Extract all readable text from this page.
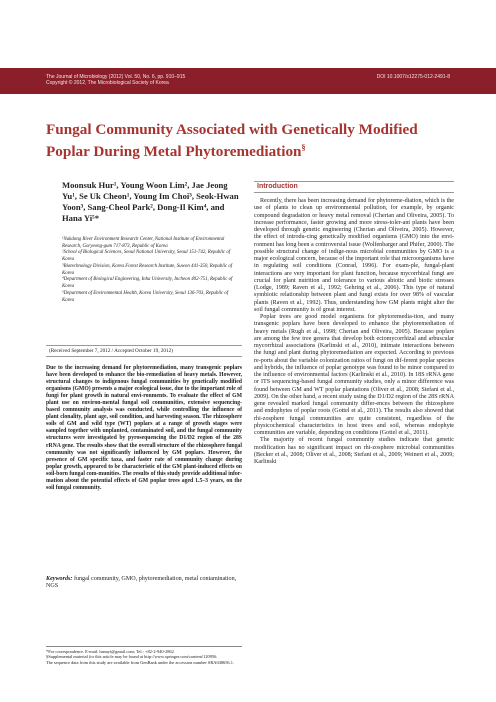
The Journal of Microbiology (2012) Vol. 50, No. 6, pp. 910–915
Copyright © 2012, The Microbiological Society of Korea
DOI 10.1007/s12275-012-2491-8
Fungal Community Associated with Genetically Modified Poplar During Metal Phytoremediation§
Moonsuk Hur¹, Young Woon Lim², Jae Jeong Yu¹, Se Uk Cheon¹, Young Im Choi³, Seok-Hwan Yoon³, Sang-Cheol Park², Dong-Il Kim⁴, and Hana Yi⁵*

¹Nakdong River Environment Research Center, National Institute of Environmental Research, Goryeong-gum 717-873, Republic of Korea

²School of Biological Sciences, Seoul National University, Seoul 151-742, Republic of Korea

³Biotechnology Division, Korea Forest Research Institute, Suwon 441-350, Republic of Korea

⁴Department of Biological Engineering, Inha University, Incheon 402-751, Republic of Korea

⁵Department of Environmental Health, Korea University, Seoul 136-703, Republic of Korea

(Received September 7, 2012 / Accepted October 19, 2012)
Due to the increasing demand for phytoremediation, many transgenic poplars have been developed to enhance the bio-remediation of heavy metals. However, structural changes to indigenous fungal communities by genetically modified organisms (GMO) presents a major ecological issue, due to the important role of fungi for plant growth in natural envi-ronments. To evaluate the effect of GM plant use on environ-mental fungal soil communities, extensive sequencing-based community analysis was conducted, while controlling the influence of plant clonality, plant age, soil condition, and harvesting season. The rhizosphere soils of GM and wild type (WT) poplars at a range of growth stages were sampled together with unplanted, contaminated soil, and the fungal community structures were investigated by pyrosequencing the D1/D2 region of the 28S rRNA gene. The results show that the overall structure of the rhizosphere fungal community was not significantly influenced by GM poplars. However, the presence of GM specific taxa, and faster rate of community change during poplar growth, appeared to be characteristic of the GM plant-induced effects on soil-born fungal com-munities. The results of this study provide additional infor-mation about the potential effects of GM poplar trees aged 1.5–3 years, on the soil fungal community.
Keywords: fungal community, GMO, phytoremediation, metal contamination, NGS

*For correspondence. E-mail: hanayi@gmail.com; Tel.: +82-2-940-2862

§Supplemental material for this article may be found at http://www.springer.com/content/120956.

The sequence data from this study are available from GenBank under the accession number SRA048656.1.

Introduction

Recently, there has been increasing demand for phytoreme-diation, which is the use of plants to clean up environmental pollution, for example, by organic compound degradation or heavy metal removal (Cherian and Oliveira, 2005). To increase performance, faster growing and more stress-toler-ant plants have been developed through genetic engineering (Cherian and Oliveira, 2005). However, the effect of introdu-cing genetically modified organisms (GMO) into the envi-ronment has long been a controversial issue (Wolfenbarger and Phifer, 2000). The possible structural change of indige-nous microbial communities by GMO is a major ecological concern, because of the important role that microorganisms have in regulating soil conditions (Conrad, 1996). For exam-ple, fungal-plant interactions are very important for plant function, because mycorrhizal fungi are crucial for plant nutrition and tolerance to various abiotic and biotic stresses (Lodge, 1989; Raven et al., 1992; Gehring et al., 2006). This type of natural symbiotic relationship between plant and fungi exists for over 98% of vascular plants (Raven et al., 1992). Thus, understanding how GM plants might alter the soil fungal community is of great interest.

Poplar trees are good model organisms for phytoremedia-tion, and many transgenic poplars have been developed to enhance the phytoremediation of heavy metals (Rugh et al., 1998; Cherian and Oliveira, 2005). Because poplars are among the few tree genera that develop both ectomycorrhizal and arbuscular mycorrhizal associations (Karlinski et al., 2010), intimate interactions between the fungi and plant during phytoremediation are expected. According to previous re-ports about the variable colonization ratios of fungi on dif-ferent poplar species and hybrids, the influence of poplar genotype was found to be minor compared to the influence of environmental factors (Karlinski et al., 2010). In 18S rRNA gene or ITS sequencing-based fungal community studies, only a minor difference was found between GM and WT poplar plantations (Oliver et al., 2008; Stefani et al., 2009). On the other hand, a recent study using the D1/D2 region of the 28S rRNA gene revealed marked fungal community differ-ences between the rhizosphere and endophytes of poplar roots (Gottel et al., 2011). The results also showed that rhi-zosphere fungal communities are quite consistent, regardless of the physicochemical characteristics in host trees and soil, whereas endophyte communities are variable, depending on conditions (Gottel et al., 2011).

The majority of recent fungal community studies indicate that genetic modification has no significant impact on rhi-zosphere microbial communities (Becker et al., 2008; Oliver et al., 2008; Stefani et al., 2009; Weinert et al., 2009; Karlinski
